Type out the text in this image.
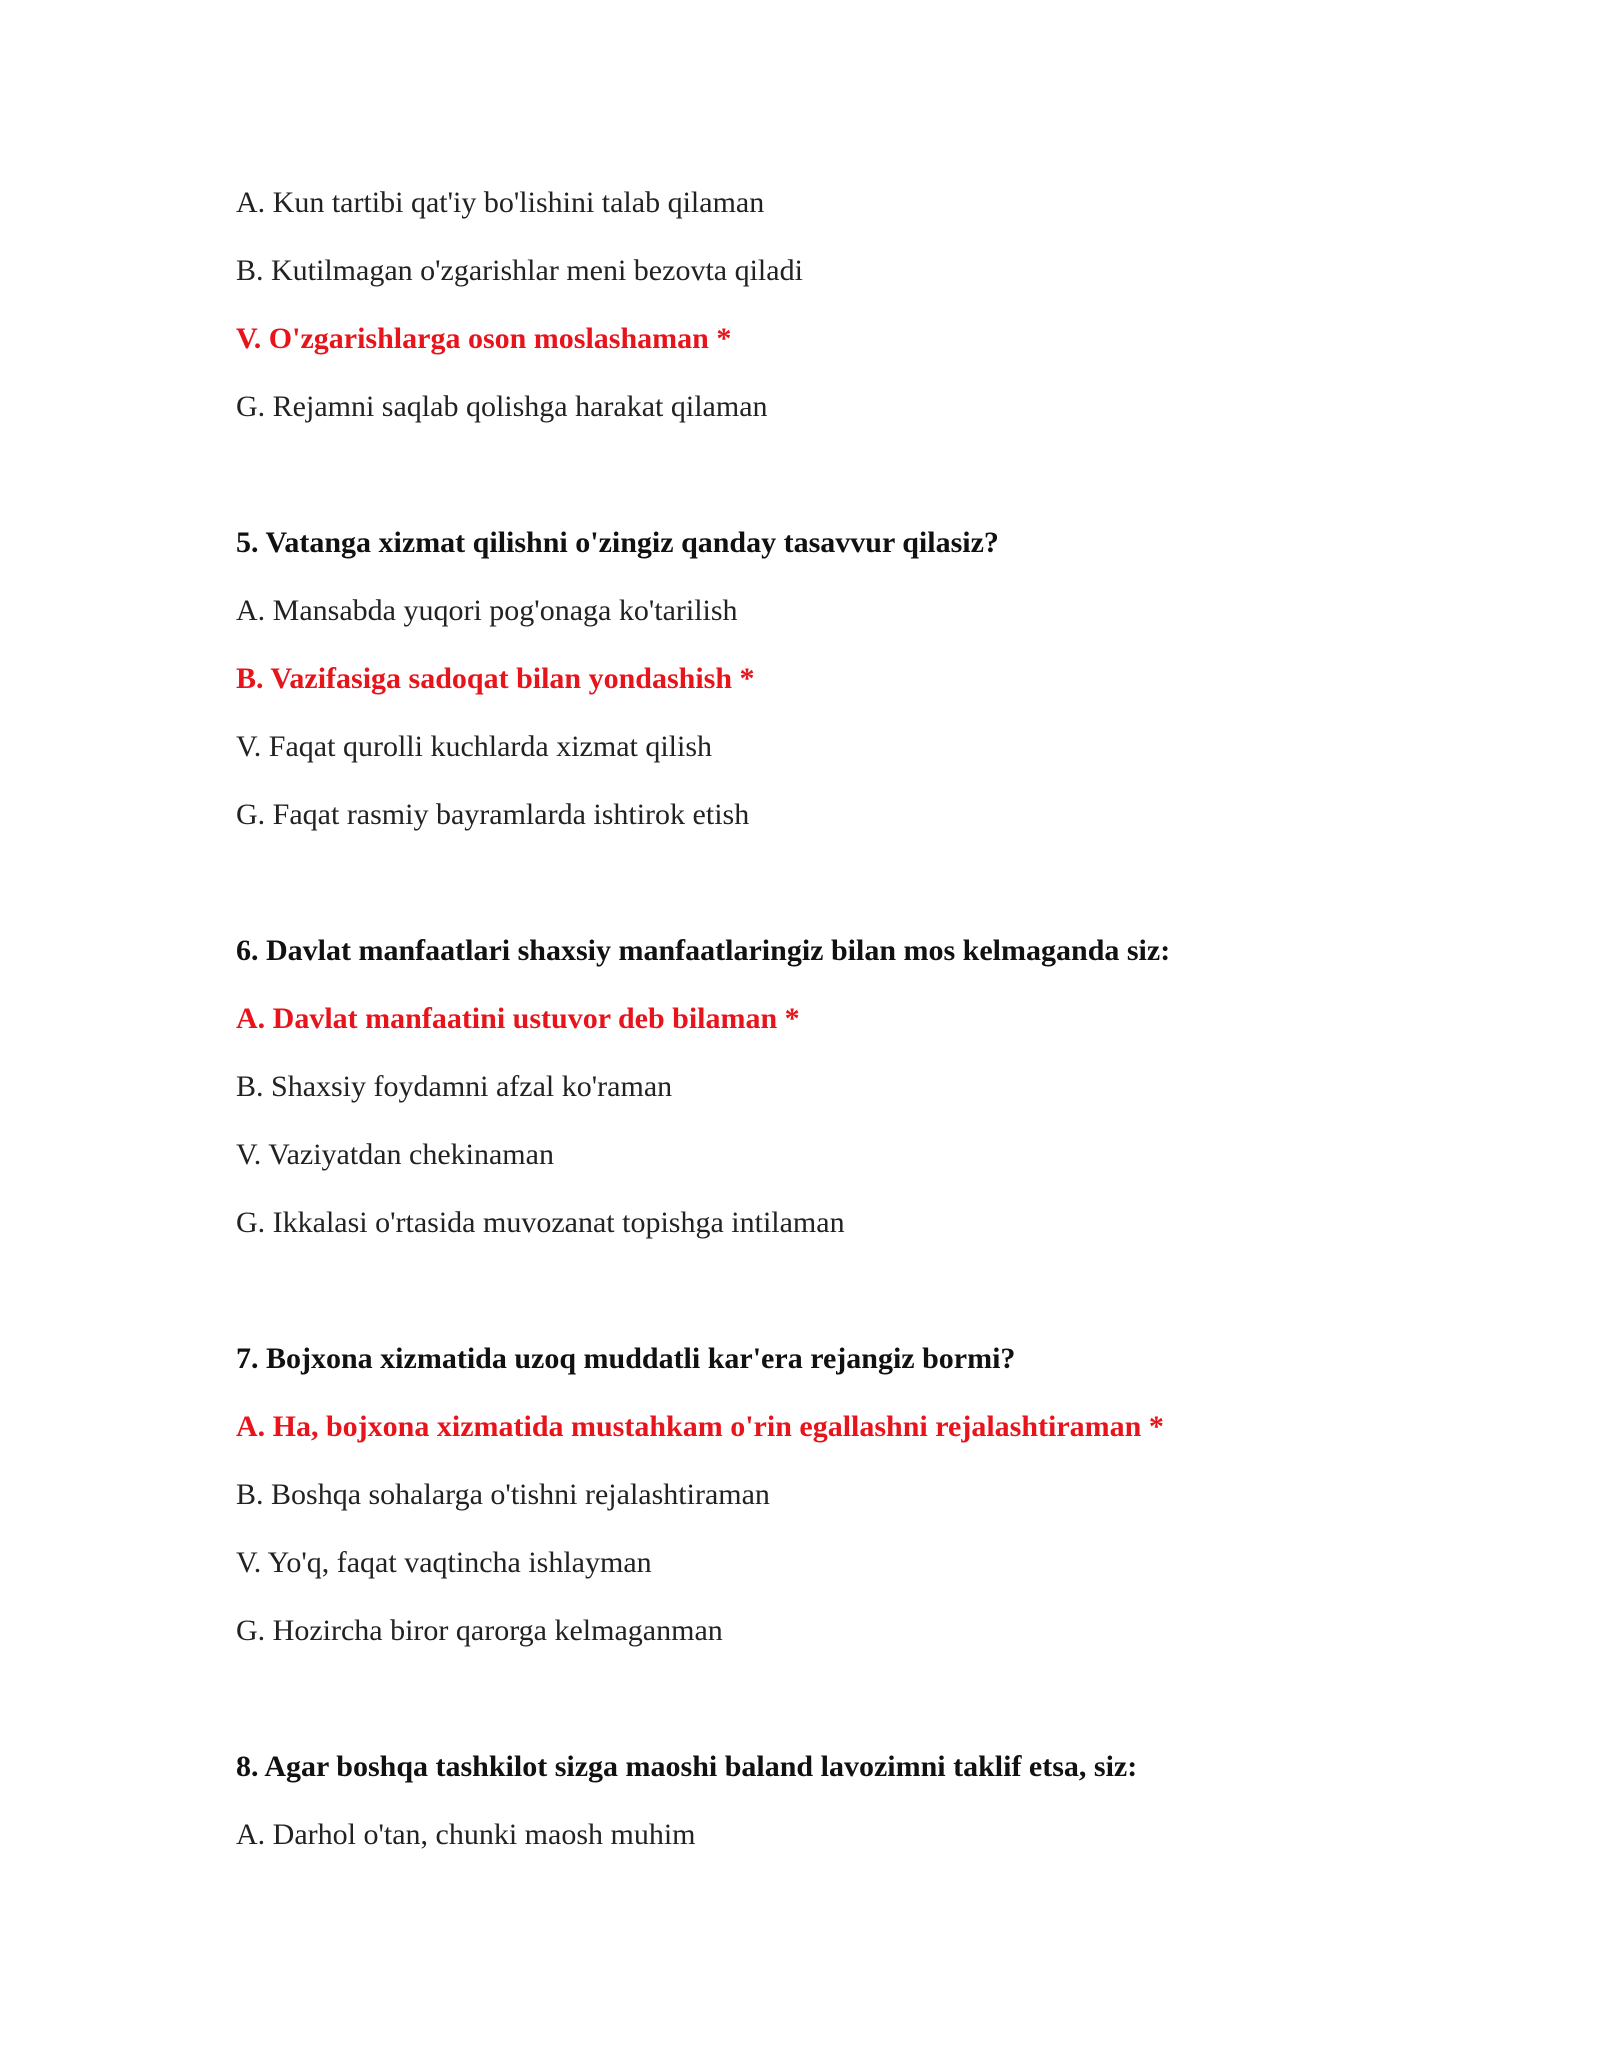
A. Kun tartibi qat'iy bo'lishini talab qilaman
B. Kutilmagan o'zgarishlar meni bezovta qiladi
V. O'zgarishlarga oson moslashaman *
G. Rejamni saqlab qolishga harakat qilaman
5. Vatanga xizmat qilishni o'zingiz qanday tasavvur qilasiz?
A. Mansabda yuqori pog'onaga ko'tarilish
B. Vazifasiga sadoqat bilan yondashish *
V. Faqat qurolli kuchlarda xizmat qilish
G. Faqat rasmiy bayramlarda ishtirok etish
6. Davlat manfaatlari shaxsiy manfaatlaringiz bilan mos kelmaganda siz:
A. Davlat manfaatini ustuvor deb bilaman *
B. Shaxsiy foydamni afzal ko'raman
V. Vaziyatdan chekinaman
G. Ikkalasi o'rtasida muvozanat topishga intilaman
7. Bojxona xizmatida uzoq muddatli kar'era rejangiz bormi?
A. Ha, bojxona xizmatida mustahkam o'rin egallashni rejalashtiraman *
B. Boshqa sohalarga o'tishni rejalashtiraman
V. Yo'q, faqat vaqtincha ishlayman
G. Hozircha biror qarorga kelmaganman
8. Agar boshqa tashkilot sizga maoshi baland lavozimni taklif etsa, siz:
A. Darhol o'tan, chunki maosh muhim
